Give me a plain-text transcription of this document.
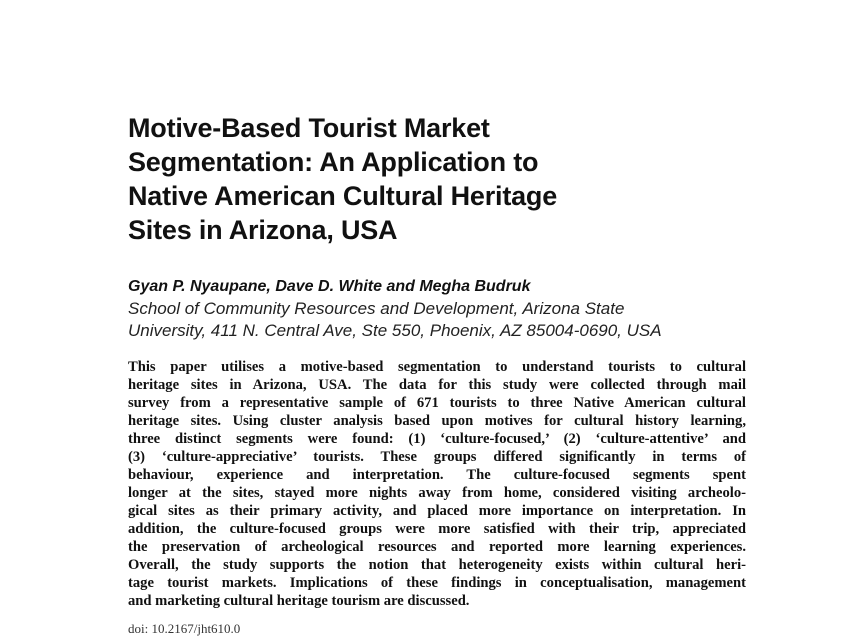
Motive-Based Tourist Market
Segmentation: An Application to
Native American Cultural Heritage
Sites in Arizona, USA

Gyan P. Nyaupane, Dave D. White and Megha Budruk

School of Community Resources and Development, Arizona State
University, 411 N. Central Ave, Ste 550, Phoenix, AZ 85004-0690, USA

This paper utilises a motive-based segmentation to understand tourists to cultural
heritage sites in Arizona, USA. The data for this study were collected through mail
survey from a representative sample of 671 tourists to three Native American cultural
heritage sites. Using cluster analysis based upon motives for cultural history learning,
three distinct segments were found: (1) ‘culture-focused,’ (2) ‘culture-attentive’ and
(3) ‘culture-appreciative’ tourists. These groups differed significantly in terms of
behaviour, experience and interpretation. The culture-focused segments spent
longer at the sites, stayed more nights away from home, considered visiting archeolo-
gical sites as their primary activity, and placed more importance on interpretation. In
addition, the culture-focused groups were more satisfied with their trip, appreciated
the preservation of archeological resources and reported more learning experiences.
Overall, the study supports the notion that heterogeneity exists within cultural heri-
tage tourist markets. Implications of these findings in conceptualisation, management
and marketing cultural heritage tourism are discussed.

doi: 10.2167/jht610.0
